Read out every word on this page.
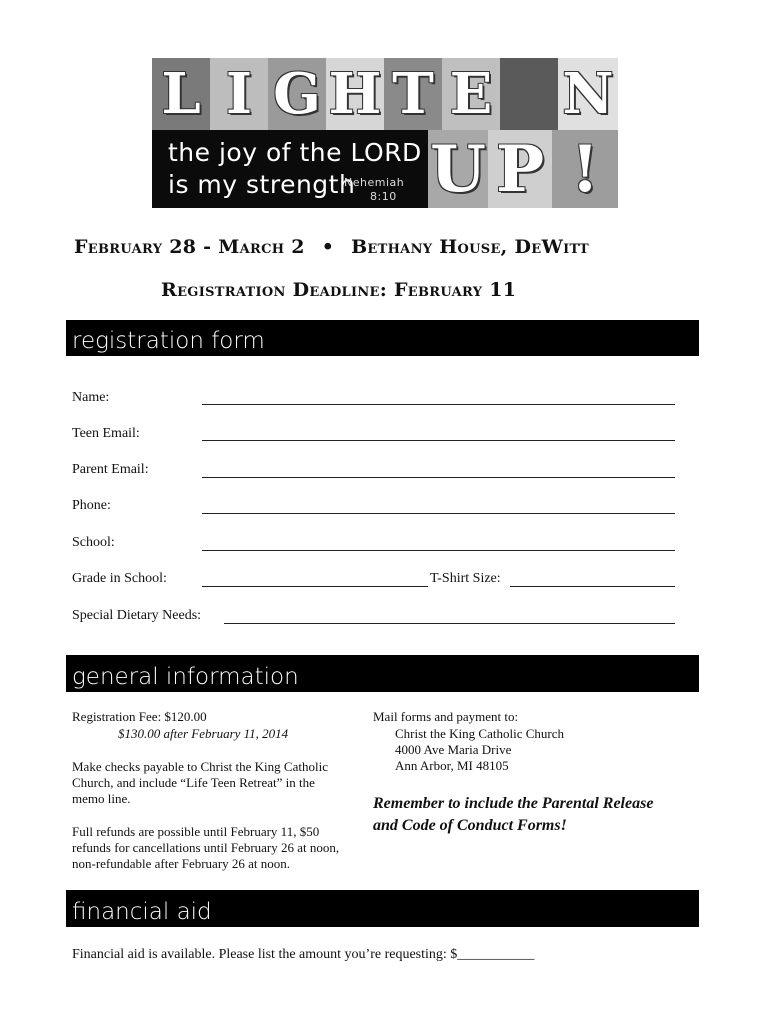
L I G H T E N
U P !
the joy of the LORD
is my strength
Nehemiah
8:10
February 28 - March 2 • Bethany House, DeWitt
Registration Deadline: February 11
registration form
Name:
Teen Email:
Parent Email:
Phone:
School:
Grade in School:	T-Shirt Size:
Special Dietary Needs:
general information
Registration Fee: $120.00
$130.00 after February 11, 2014
Make checks payable to Christ the King Catholic
Church, and include “Life Teen Retreat” in the
memo line.
Full refunds are possible until February 11, $50
refunds for cancellations until February 26 at noon,
non-refundable after February 26 at noon.
Mail forms and payment to:
Christ the King Catholic Church
4000 Ave Maria Drive
Ann Arbor, MI 48105
Remember to include the Parental Release
and Code of Conduct Forms!
financial aid
Financial aid is available. Please list the amount you’re requesting: $___________
